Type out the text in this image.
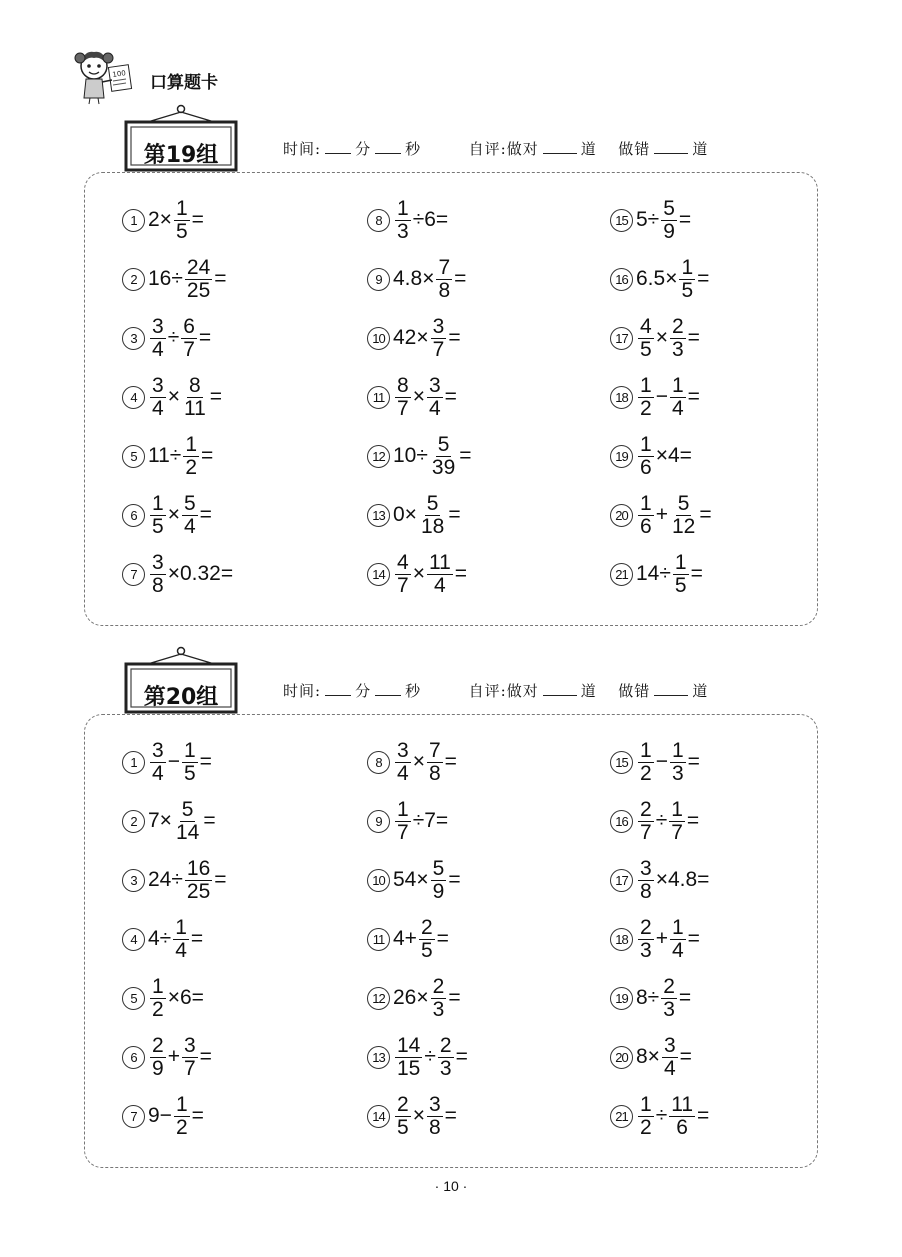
100 口算题卡
第19组	时间: 分 秒	自评:做对	道 做错	道
1 $2\times \frac{1}{5}$ =
2 $16\div \frac{24}{25}$ =
$3 \frac{3}{4} \div \frac{6}{7}$ =
$4 \frac{3}{4} \times \frac{8}{11}$ =
5 $11\div \frac{1}{2}$ =
$6 \frac{1}{5} \times \frac{5}{4}$ =
$7 \frac{3}{8} \times 0.32=$
$8 \frac{1}{3} \div 6=$
9 $4.8\times \frac{7}{8}$ =
10 $42\times \frac{3}{7}$ =
$11 \frac{8}{7} \times \frac{3}{4}$ =
12 $10\div \frac{5}{39}$ =
13 $0\times \frac{5}{18}$ =
$14 \frac{4}{7} \times \frac{11}{4}$ =
15 $5\div \frac{5}{9}$ =
16 $6.5\times \frac{1}{5}$ =
$17 \frac{4}{5} \times \frac{2}{3}$ =
$18 \frac{1}{2} - \frac{1}{4}$ =
$19 \frac{1}{6} \times 4=$
$20 \frac{1}{6} + \frac{5}{12}$ =
21 $14\div \frac{1}{5}$ =
第20组	时间: 分 秒	自评:做对	道 做错	道
$1 \frac{3}{4} - \frac{1}{5}$ =
2 $7\times \frac{5}{14}$ =
3 $24\div \frac{16}{25}$ =
4 $4\div \frac{1}{4}$ =
$5 \frac{1}{2} \times 6=$
$6 \frac{2}{9} + \frac{3}{7}$ =
7 $9- \frac{1}{2}$ =
$8 \frac{3}{4} \times \frac{7}{8}$ =
$9 \frac{1}{7} \div 7=$
10 $54\times \frac{5}{9}$ =
11 $4+ \frac{2}{5}$ =
12 $26\times \frac{2}{3}$ =
$13 \frac{14}{15} \div \frac{2}{3}$ =
$14 \frac{2}{5} \times \frac{3}{8}$ =
$15 \frac{1}{2} - \frac{1}{3}$ =
$16 \frac{2}{7} \div \frac{1}{7}$ =
$17 \frac{3}{8} \times 4.8=$
$18 \frac{2}{3} + \frac{1}{4}$ =
19 $8\div \frac{2}{3}$ =
20 $8\times \frac{3}{4}$ =
$21 \frac{1}{2} \div \frac{11}{6}$ =
· 10 ·
